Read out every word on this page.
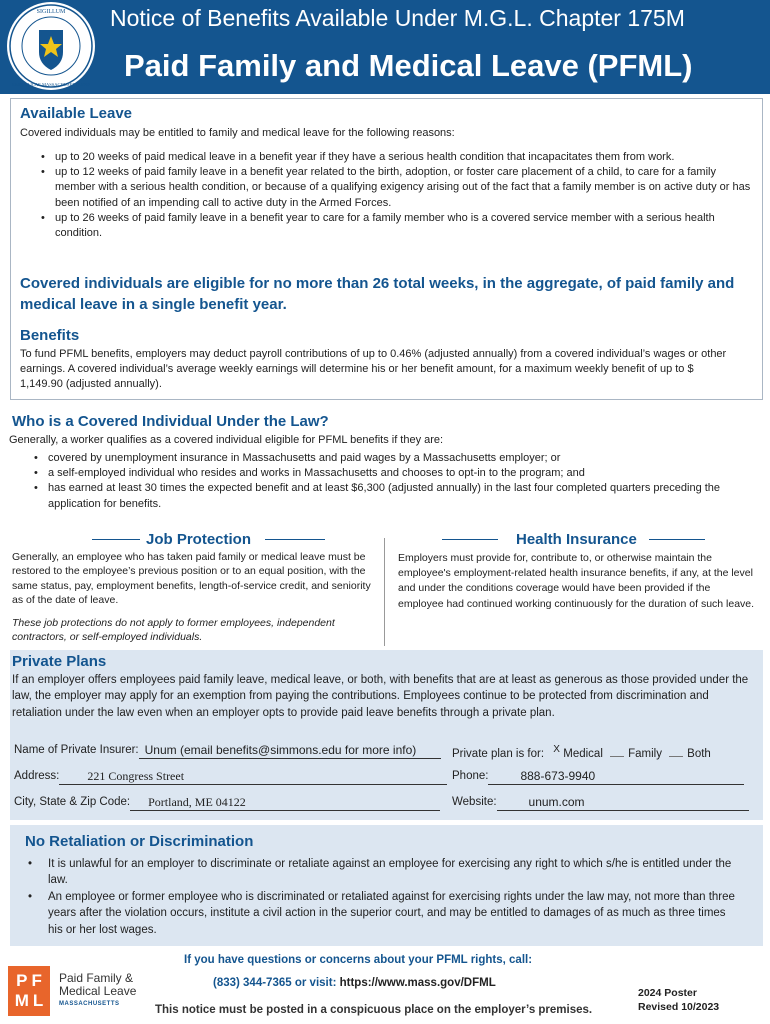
SIGILLUM
REIPUBLICAE MASSACHUSETTENSIS
Notice of Benefits Available Under M.G.L. Chapter 175M
Paid Family and Medical Leave (PFML)
Available Leave

Covered individuals may be entitled to family and medical leave for the following reasons:

• up to 20 weeks of paid medical leave in a benefit year if they have a serious health condition that incapacitates them from work.
• up to 12 weeks of paid family leave in a benefit year related to the birth, adoption, or foster care placement of a child, to care for a family member with a serious health condition, or because of a qualifying exigency arising out of the fact that a family member is on active duty or has been notified of an impending call to active duty in the Armed Forces.
• up to 26 weeks of paid family leave in a benefit year to care for a family member who is a covered service member with a serious health condition.

Covered individuals are eligible for no more than 26 total weeks, in the aggregate, of paid family and medical leave in a single benefit year.

Benefits

To fund PFML benefits, employers may deduct payroll contributions of up to 0.46% (adjusted annually) from a covered individual’s wages or other earnings. A covered individual’s average weekly earnings will determine his or her benefit amount, for a maximum weekly benefit of up to $ 1,149.90 (adjusted annually).

Who is a Covered Individual Under the Law?

Generally, a worker qualifies as a covered individual eligible for PFML benefits if they are:

• covered by unemployment insurance in Massachusetts and paid wages by a Massachusetts employer; or
• a self-employed individual who resides and works in Massachusetts and chooses to opt-in to the program; and
• has earned at least 30 times the expected benefit and at least $6,300 (adjusted annually) in the last four completed quarters preceding the application for benefits.
Job Protection

Generally, an employee who has taken paid family or medical leave must be restored to the employee’s previous position or to an equal position, with the same status, pay, employment benefits, length-of-service credit, and seniority as of the date of leave.

These job protections do not apply to former employees, independent contractors, or self-employed individuals.

Health Insurance

Employers must provide for, contribute to, or otherwise maintain the employee's employment-related health insurance benefits, if any, at the level and under the conditions coverage would have been provided if the employee had continued working continuously for the duration of such leave.

Private Plans

If an employer offers employees paid family leave, medical leave, or both, with benefits that are at least as generous as those provided under the law, the employer may apply for an exemption from paying the contributions. Employees continue to be protected from discrimination and retaliation under the law even when an employer opts to provide paid leave benefits through a private plan.

Name of Private Insurer: Unum (email benefits@simmons.edu for more info)	Private plan is for: X Medical Family Both
Address: 221 Congress Street	Phone:	888-673-9940
City, State & Zip Code: Portland, ME 04122	Website:	unum.com
No Retaliation or Discrimination
• It is unlawful for an employer to discriminate or retaliate against an employee for exercising any right to which s/he is entitled under the law.
• An employee or former employee who is discriminated or retaliated against for exercising rights under the law may, not more than three years after the violation occurs, institute a civil action in the superior court, and may be entitled to damages of as much as three times his or her lost wages.
P F
M L
Paid Family &
Medical Leave
MASSACHUSETTS
If you have questions or concerns about your PFML rights, call:
(833) 344-7365 or visit: https://www.mass.gov/DFML
This notice must be posted in a conspicuous place on the employer’s premises.
2024 Poster
Revised 10/2023
